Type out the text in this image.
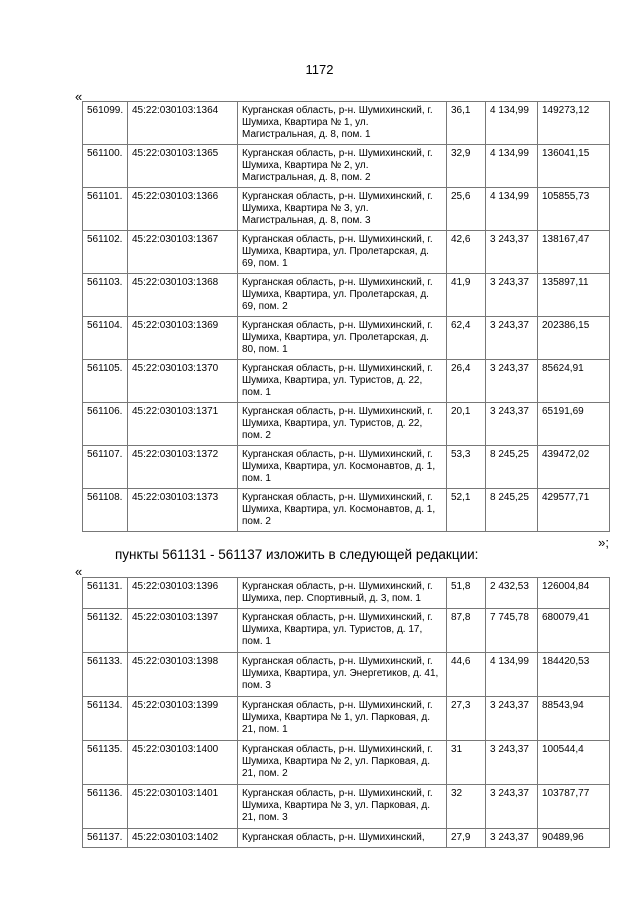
1172
«
561099.	45:22:030103:1364	Курганская область, р-н. Шумихинский, г. Шумиха, Квартира № 1, ул. Магистральная, д. 8, пом. 1	36,1	4 134,99	149273,12
561100.	45:22:030103:1365	Курганская область, р-н. Шумихинский, г. Шумиха, Квартира № 2, ул. Магистральная, д. 8, пом. 2	32,9	4 134,99	136041,15
561101.	45:22:030103:1366	Курганская область, р-н. Шумихинский, г. Шумиха, Квартира № 3, ул. Магистральная, д. 8, пом. 3	25,6	4 134,99	105855,73
561102.	45:22:030103:1367	Курганская область, р-н. Шумихинский, г. Шумиха, Квартира, ул. Пролетарская, д. 69, пом. 1	42,6	3 243,37	138167,47
561103.	45:22:030103:1368	Курганская область, р-н. Шумихинский, г. Шумиха, Квартира, ул. Пролетарская, д. 69, пом. 2	41,9	3 243,37	135897,11
561104.	45:22:030103:1369	Курганская область, р-н. Шумихинский, г. Шумиха, Квартира, ул. Пролетарская, д. 80, пом. 1	62,4	3 243,37	202386,15
561105.	45:22:030103:1370	Курганская область, р-н. Шумихинский, г. Шумиха, Квартира, ул. Туристов, д. 22, пом. 1	26,4	3 243,37	85624,91
561106.	45:22:030103:1371	Курганская область, р-н. Шумихинский, г. Шумиха, Квартира, ул. Туристов, д. 22, пом. 2	20,1	3 243,37	65191,69
561107.	45:22:030103:1372	Курганская область, р-н. Шумихинский, г. Шумиха, Квартира, ул. Космонавтов, д. 1, пом. 1	53,3	8 245,25	439472,02
561108.	45:22:030103:1373	Курганская область, р-н. Шумихинский, г. Шумиха, Квартира, ул. Космонавтов, д. 1, пом. 2	52,1	8 245,25	429577,71
»;
пункты 561131 - 561137 изложить в следующей редакции:
«
561131.	45:22:030103:1396	Курганская область, р-н. Шумихинский, г. Шумиха, пер. Спортивный, д. 3, пом. 1	51,8	2 432,53	126004,84
561132.	45:22:030103:1397	Курганская область, р-н. Шумихинский, г. Шумиха, Квартира, ул. Туристов, д. 17, пом. 1	87,8	7 745,78	680079,41
561133.	45:22:030103:1398	Курганская область, р-н. Шумихинский, г. Шумиха, Квартира, ул. Энергетиков, д. 41, пом. 3	44,6	4 134,99	184420,53
561134.	45:22:030103:1399	Курганская область, р-н. Шумихинский, г. Шумиха, Квартира № 1, ул. Парковая, д. 21, пом. 1	27,3	3 243,37	88543,94
561135.	45:22:030103:1400	Курганская область, р-н. Шумихинский, г. Шумиха, Квартира № 2, ул. Парковая, д. 21, пом. 2	31	3 243,37	100544,4
561136.	45:22:030103:1401	Курганская область, р-н. Шумихинский, г. Шумиха, Квартира № 3, ул. Парковая, д. 21, пом. 3	32	3 243,37	103787,77
561137.	45:22:030103:1402	Курганская область, р-н. Шумихинский,	27,9	3 243,37	90489,96
